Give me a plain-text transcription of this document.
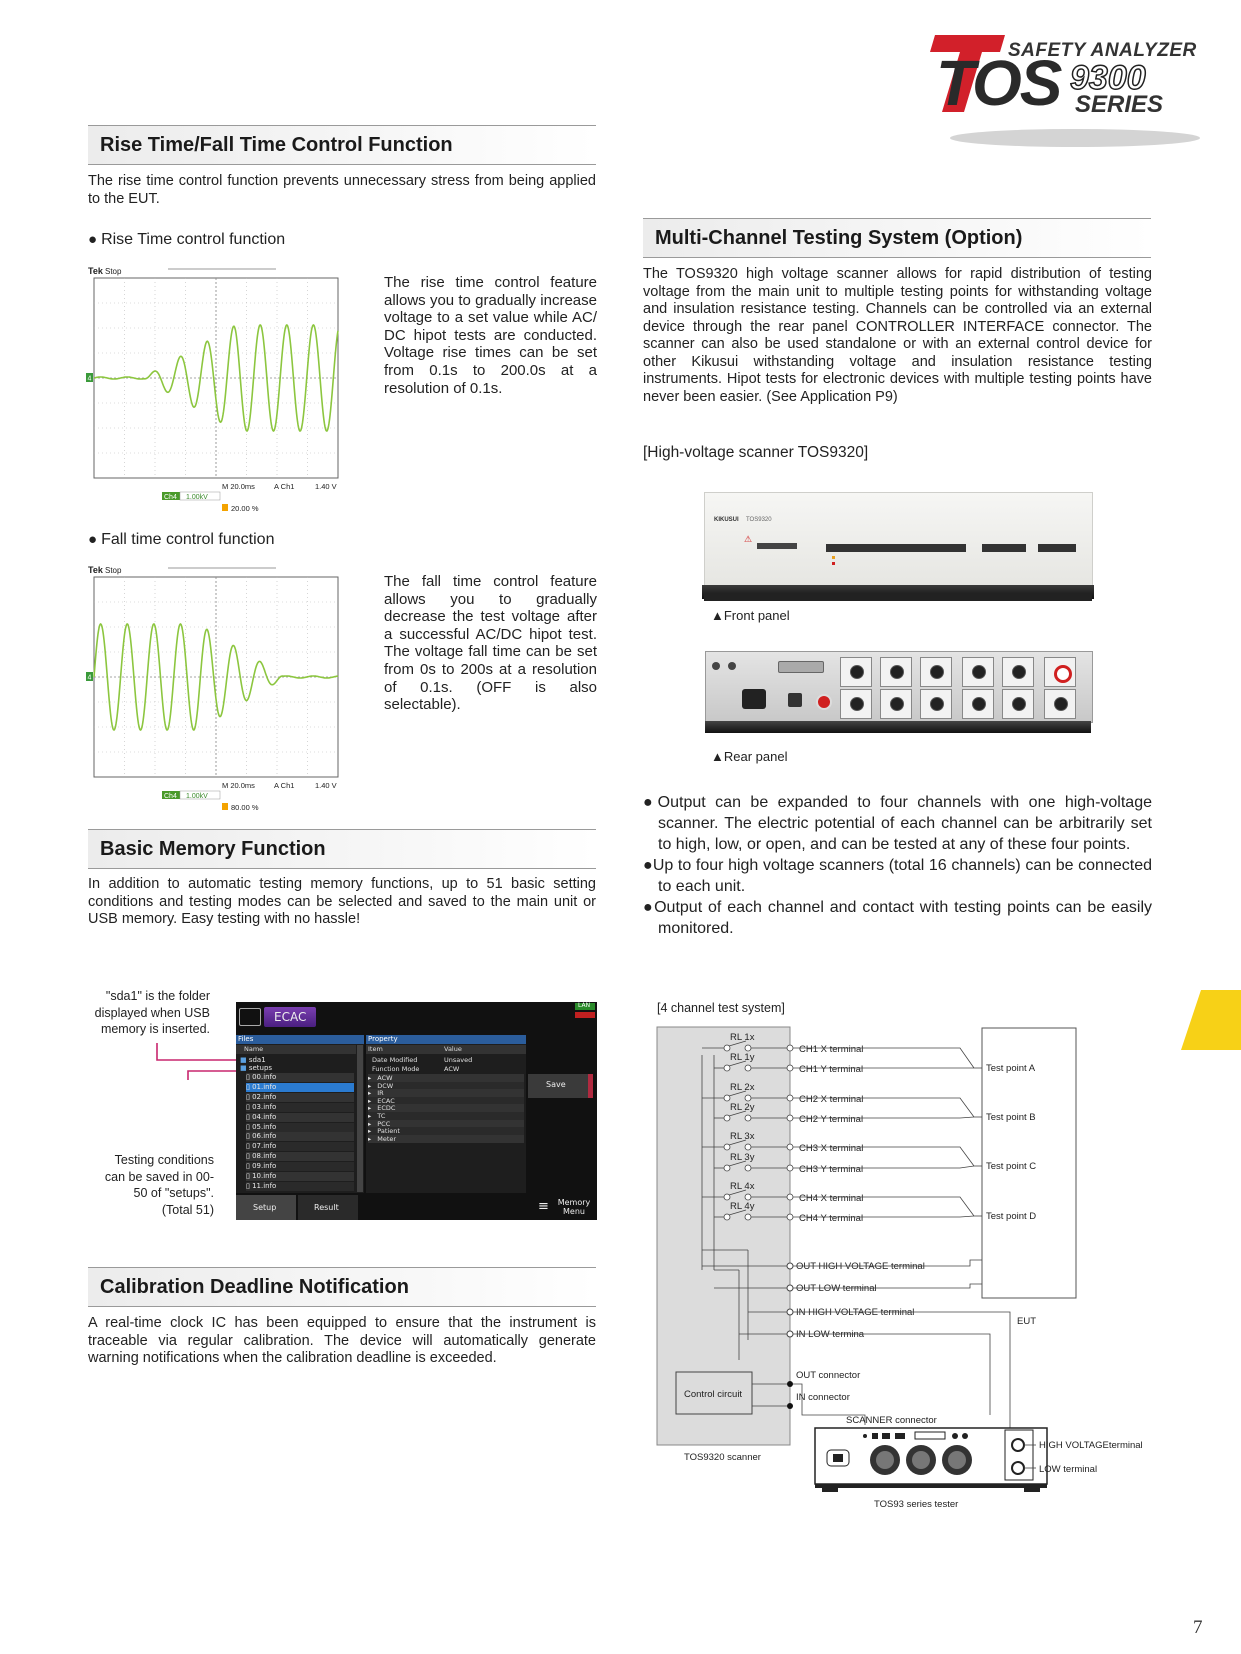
SAFETY ANALYZER
TOS 9300
SERIES
Rise Time/Fall Time Control Function
The rise time control function prevents unnecessary stress from being applied to the EUT.
● Rise Time control function
Tek Stop
4
M 20.0ms	A Ch1	1.40 V
Ch4 1.00kV
20.00 %
The rise time control feature allows you to gradually increase voltage to a set value while AC/ DC hipot tests are conducted. Voltage rise times can be set from 0.1s to 200.0s at a resolution of 0.1s.
● Fall time control function
Tek Stop
4
M 20.0ms	A Ch1	1.40 V
Ch4 1.00kV
80.00 %
The fall time control feature allows you to gradually decrease the test voltage after a successful AC/DC hipot test. The voltage fall time can be set from 0s to 200s at a resolution of 0.1s. (OFF is also selectable).
Basic Memory Function
In addition to automatic testing memory functions, up to 51 basic setting conditions and testing modes can be selected and saved to the main unit or USB memory. Easy testing with no hassle!
"sda1" is the folder displayed when USB memory is inserted.
Testing conditions can be saved in 00-50 of "setups". (Total 51)
ECAC
LAN
Files
Name
■ sda1
■ setups
▯ 00.info
▯ 01.info
▯ 02.info
▯ 03.info
▯ 04.info
▯ 05.info
▯ 06.info
▯ 07.info
▯ 08.info
▯ 09.info
▯ 10.info
▯ 11.info
Property
Item	Value
Date Modified	Unsaved
Function Mode	ACW
▸ ACW
▸ DCW
▸ IR
▸ ECAC
▸ ECDC
▸ TC
▸ PCC
▸ Patient
▸ Meter
Save
Setup	Result	≡	Memory Menu
Calibration Deadline Notification
A real-time clock IC has been equipped to ensure that the instrument is traceable via regular calibration. The device will automatically generate warning notifications when the calibration deadline is exceeded.
Multi-Channel Testing System (Option)
The TOS9320 high voltage scanner allows for rapid distribution of testing voltage from the main unit to multiple testing points for withstanding voltage and insulation resistance testing. Channels can be controlled via an external device through the rear panel CONTROLLER INTERFACE connector. The scanner can also be used standalone or with an external control device for other Kikusui withstanding voltage and insulation resistance testing instruments. Hipot tests for electronic devices with multiple testing points have never been easier. (See Application P9)
[High-voltage scanner TOS9320]
KIKUSUI TOS9320
⚠
▲Front panel
▲Rear panel
●Output can be expanded to four channels with one high-voltage scanner. The electric potential of each channel can be arbitrarily set to high, low, or open, and can be tested at any of these four points.
●Up to four high voltage scanners (total 16 channels) can be connected to each unit.
●Output of each channel and contact with testing points can be easily monitored.
[4 channel test system]
EUT
Control circuit
TOS9320 scanner
RL 1x
CH1 X terminal
RL 1y
CH1 Y terminal
RL 2x
CH2 X terminal
RL 2y
CH2 Y terminal
RL 3x
CH3 X terminal
RL 3y
CH3 Y terminal
RL 4x
CH4 X terminal
RL 4y
CH4 Y terminal
Test point A
Test point B
Test point C
Test point D
OUT HIGH VOLTAGE terminal
OUT LOW terminal
IN HIGH VOLTAGE terminal
IN LOW termina
OUT connector
IN connector
SCANNER connector
HIGH VOLTAGEterminal
LOW terminal
TOS93 series tester
7
